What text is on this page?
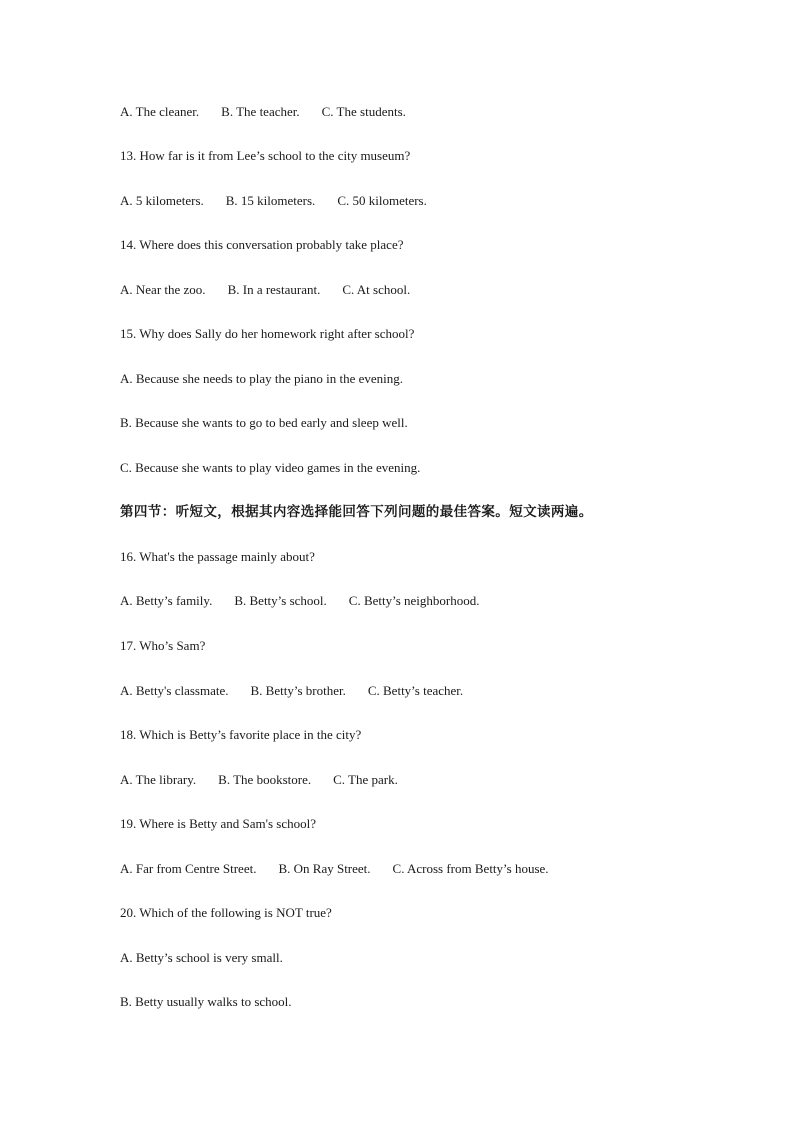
A. The cleaner. B. The teacher. C. The students.
13. How far is it from Lee’s school to the city museum?
A. 5 kilometers. B. 15 kilometers. C. 50 kilometers.
14. Where does this conversation probably take place?
A. Near the zoo. B. In a restaurant. C. At school.
15. Why does Sally do her homework right after school?
A. Because she needs to play the piano in the evening.
B. Because she wants to go to bed early and sleep well.
C. Because she wants to play video games in the evening.
第四节：听短文，根据其内容选择能回答下列问题的最佳答案。短文读两遍。
16. What's the passage mainly about?
A. Betty’s family. B. Betty’s school. C. Betty’s neighborhood.
17. Who’s Sam?
A. Betty's classmate. B. Betty’s brother. C. Betty’s teacher.
18. Which is Betty’s favorite place in the city?
A. The library. B. The bookstore. C. The park.
19. Where is Betty and Sam's school?
A. Far from Centre Street. B. On Ray Street. C. Across from Betty’s house.
20. Which of the following is NOT true?
A. Betty’s school is very small.
B. Betty usually walks to school.
